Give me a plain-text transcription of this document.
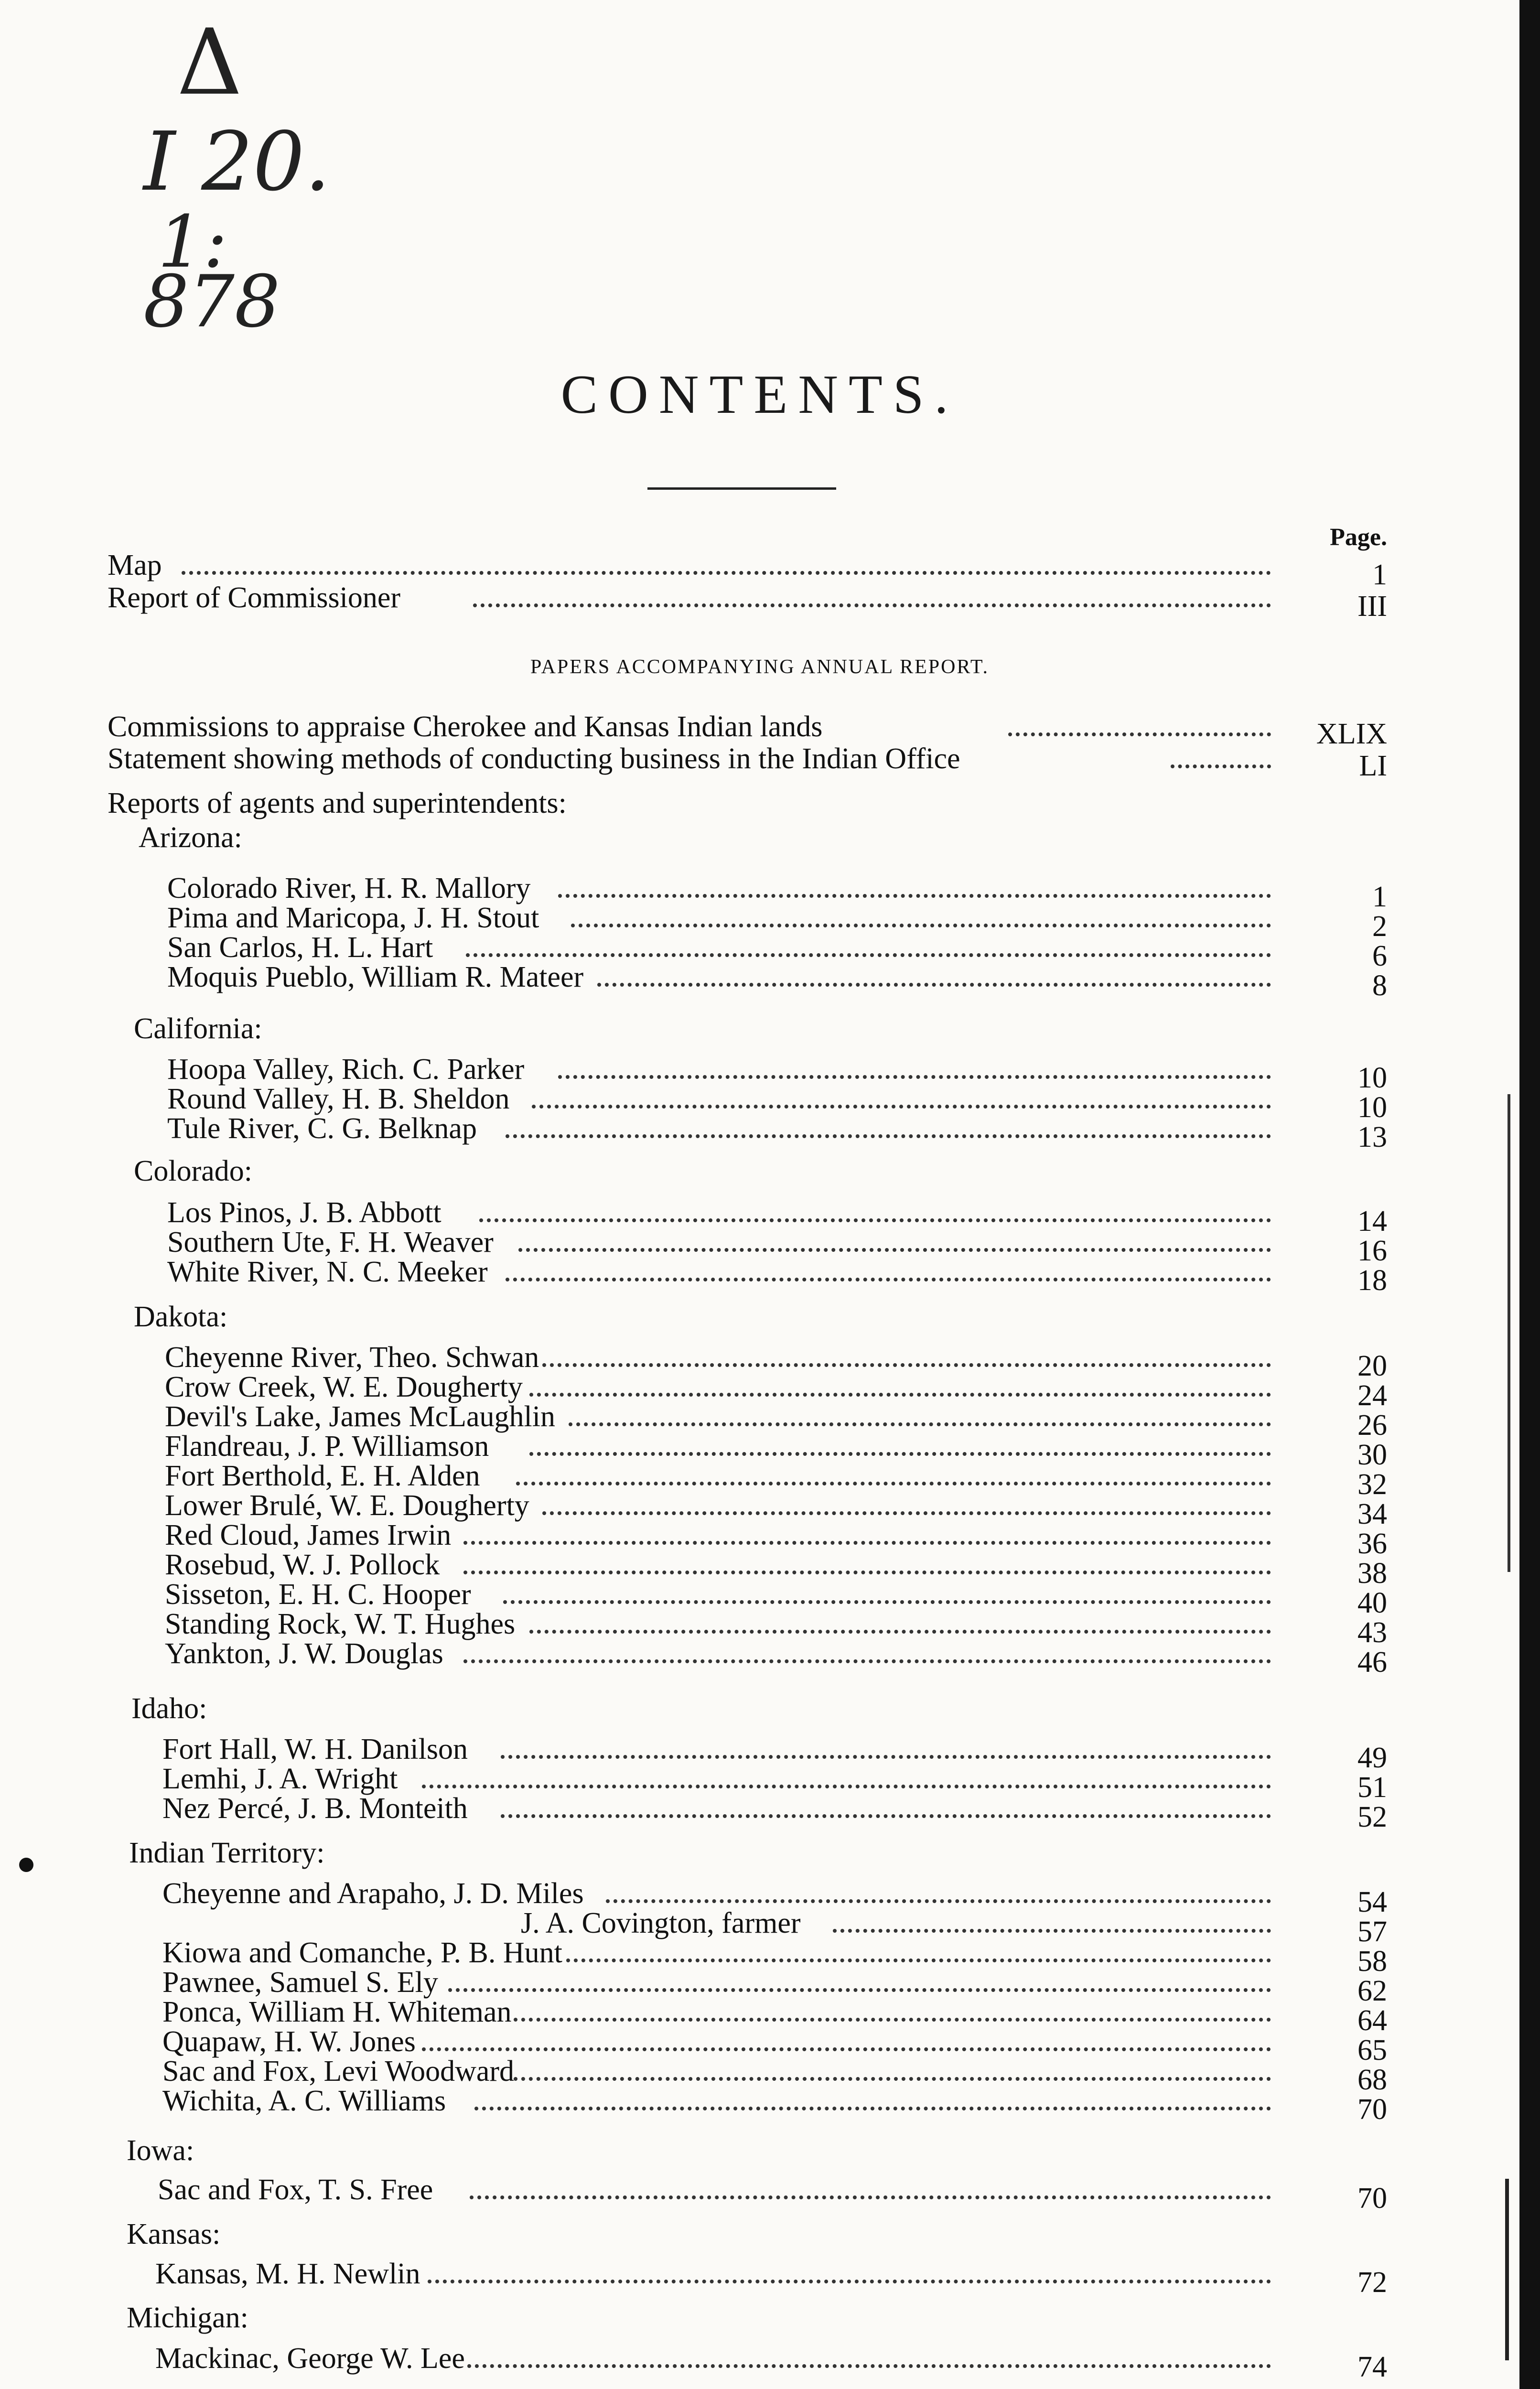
Δ
I 20.
1:
878
CONTENTS.
Page.
Map	1
Report of Commissioner	III
PAPERS ACCOMPANYING ANNUAL REPORT.
Commissions to appraise Cherokee and Kansas Indian lands	XLIX
Statement showing methods of conducting business in the Indian Office	LI
Reports of agents and superintendents:
Arizona:
Colorado River, H. R. Mallory	1
Pima and Maricopa, J. H. Stout	2
San Carlos, H. L. Hart	6
Moquis Pueblo, William R. Mateer	8
California:
Hoopa Valley, Rich. C. Parker	10
Round Valley, H. B. Sheldon	10
Tule River, C. G. Belknap	13
Colorado:
Los Pinos, J. B. Abbott	14
Southern Ute, F. H. Weaver	16
White River, N. C. Meeker	18
Dakota:
Cheyenne River, Theo. Schwan	20
Crow Creek, W. E. Dougherty	24
Devil's Lake, James McLaughlin	26
Flandreau, J. P. Williamson	30
Fort Berthold, E. H. Alden	32
Lower Brulé, W. E. Dougherty	34
Red Cloud, James Irwin	36
Rosebud, W. J. Pollock	38
Sisseton, E. H. C. Hooper	40
Standing Rock, W. T. Hughes	43
Yankton, J. W. Douglas	46
Idaho:
Fort Hall, W. H. Danilson	49
Lemhi, J. A. Wright	51
Nez Percé, J. B. Monteith	52
Indian Territory:
Cheyenne and Arapaho, J. D. Miles	54
J. A. Covington, farmer	57
Kiowa and Comanche, P. B. Hunt	58
Pawnee, Samuel S. Ely	62
Ponca, William H. Whiteman	64
Quapaw, H. W. Jones	65
Sac and Fox, Levi Woodward	68
Wichita, A. C. Williams	70
Iowa:
Sac and Fox, T. S. Free	70
Kansas:
Kansas, M. H. Newlin	72
Michigan:
Mackinac, George W. Lee	74
